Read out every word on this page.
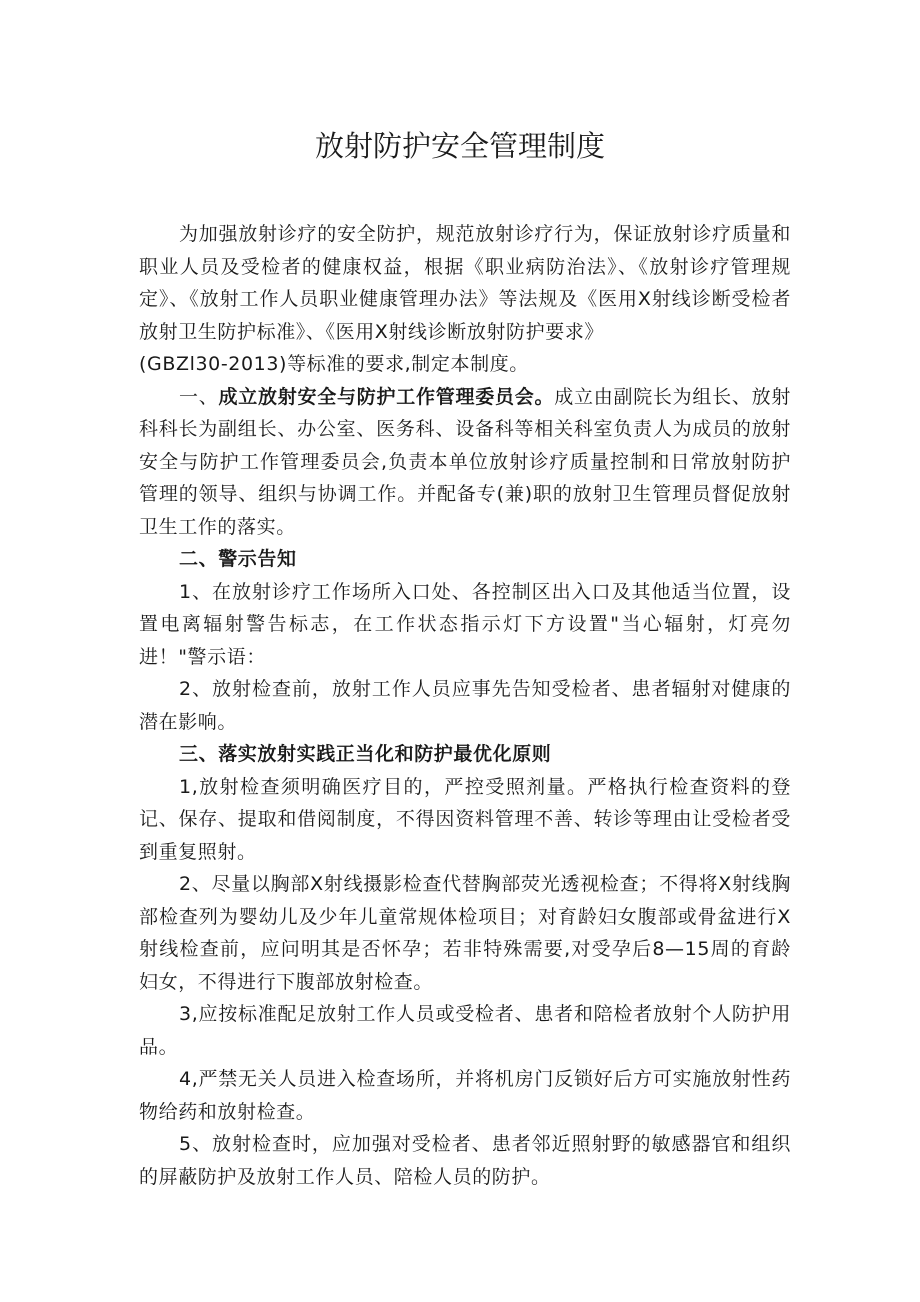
放射防护安全管理制度

为加强放射诊疗的安全防护，规范放射诊疗行为，保证放射诊疗质量和职业人员及受检者的健康权益，根据《职业病防治法》、《放射诊疗管理规定》、《放射工作人员职业健康管理办法》等法规及《医用X射线诊断受检者放射卫生防护标准》、《医用X射线诊断放射防护要求》

(GBZl30-2013)等标准的要求,制定本制度。

一、成立放射安全与防护工作管理委员会。成立由副院长为组长、放射科科长为副组长、办公室、医务科、设备科等相关科室负责人为成员的放射安全与防护工作管理委员会,负责本单位放射诊疗质量控制和日常放射防护管理的领导、组织与协调工作。并配备专(兼)职的放射卫生管理员督促放射卫生工作的落实。

二、警示告知

1、在放射诊疗工作场所入口处、各控制区出入口及其他适当位置，设置电离辐射警告标志，在工作状态指示灯下方设置"当心辐射，灯亮勿进！"警示语：

2、放射检查前，放射工作人员应事先告知受检者、患者辐射对健康的潜在影响。

三、落实放射实践正当化和防护最优化原则

1,放射检查须明确医疗目的，严控受照剂量。严格执行检查资料的登记、保存、提取和借阅制度，不得因资料管理不善、转诊等理由让受检者受到重复照射。

2、尽量以胸部X射线摄影检查代替胸部荧光透视检查；不得将X射线胸部检查列为婴幼儿及少年儿童常规体检项目；对育龄妇女腹部或骨盆进行X射线检查前，应问明其是否怀孕；若非特殊需要,对受孕后8—15周的育龄妇女，不得进行下腹部放射检查。

3,应按标准配足放射工作人员或受检者、患者和陪检者放射个人防护用品。

4,严禁无关人员进入检查场所，并将机房门反锁好后方可实施放射性药物给药和放射检查。

5、放射检查时，应加强对受检者、患者邻近照射野的敏感器官和组织的屏蔽防护及放射工作人员、陪检人员的防护。
